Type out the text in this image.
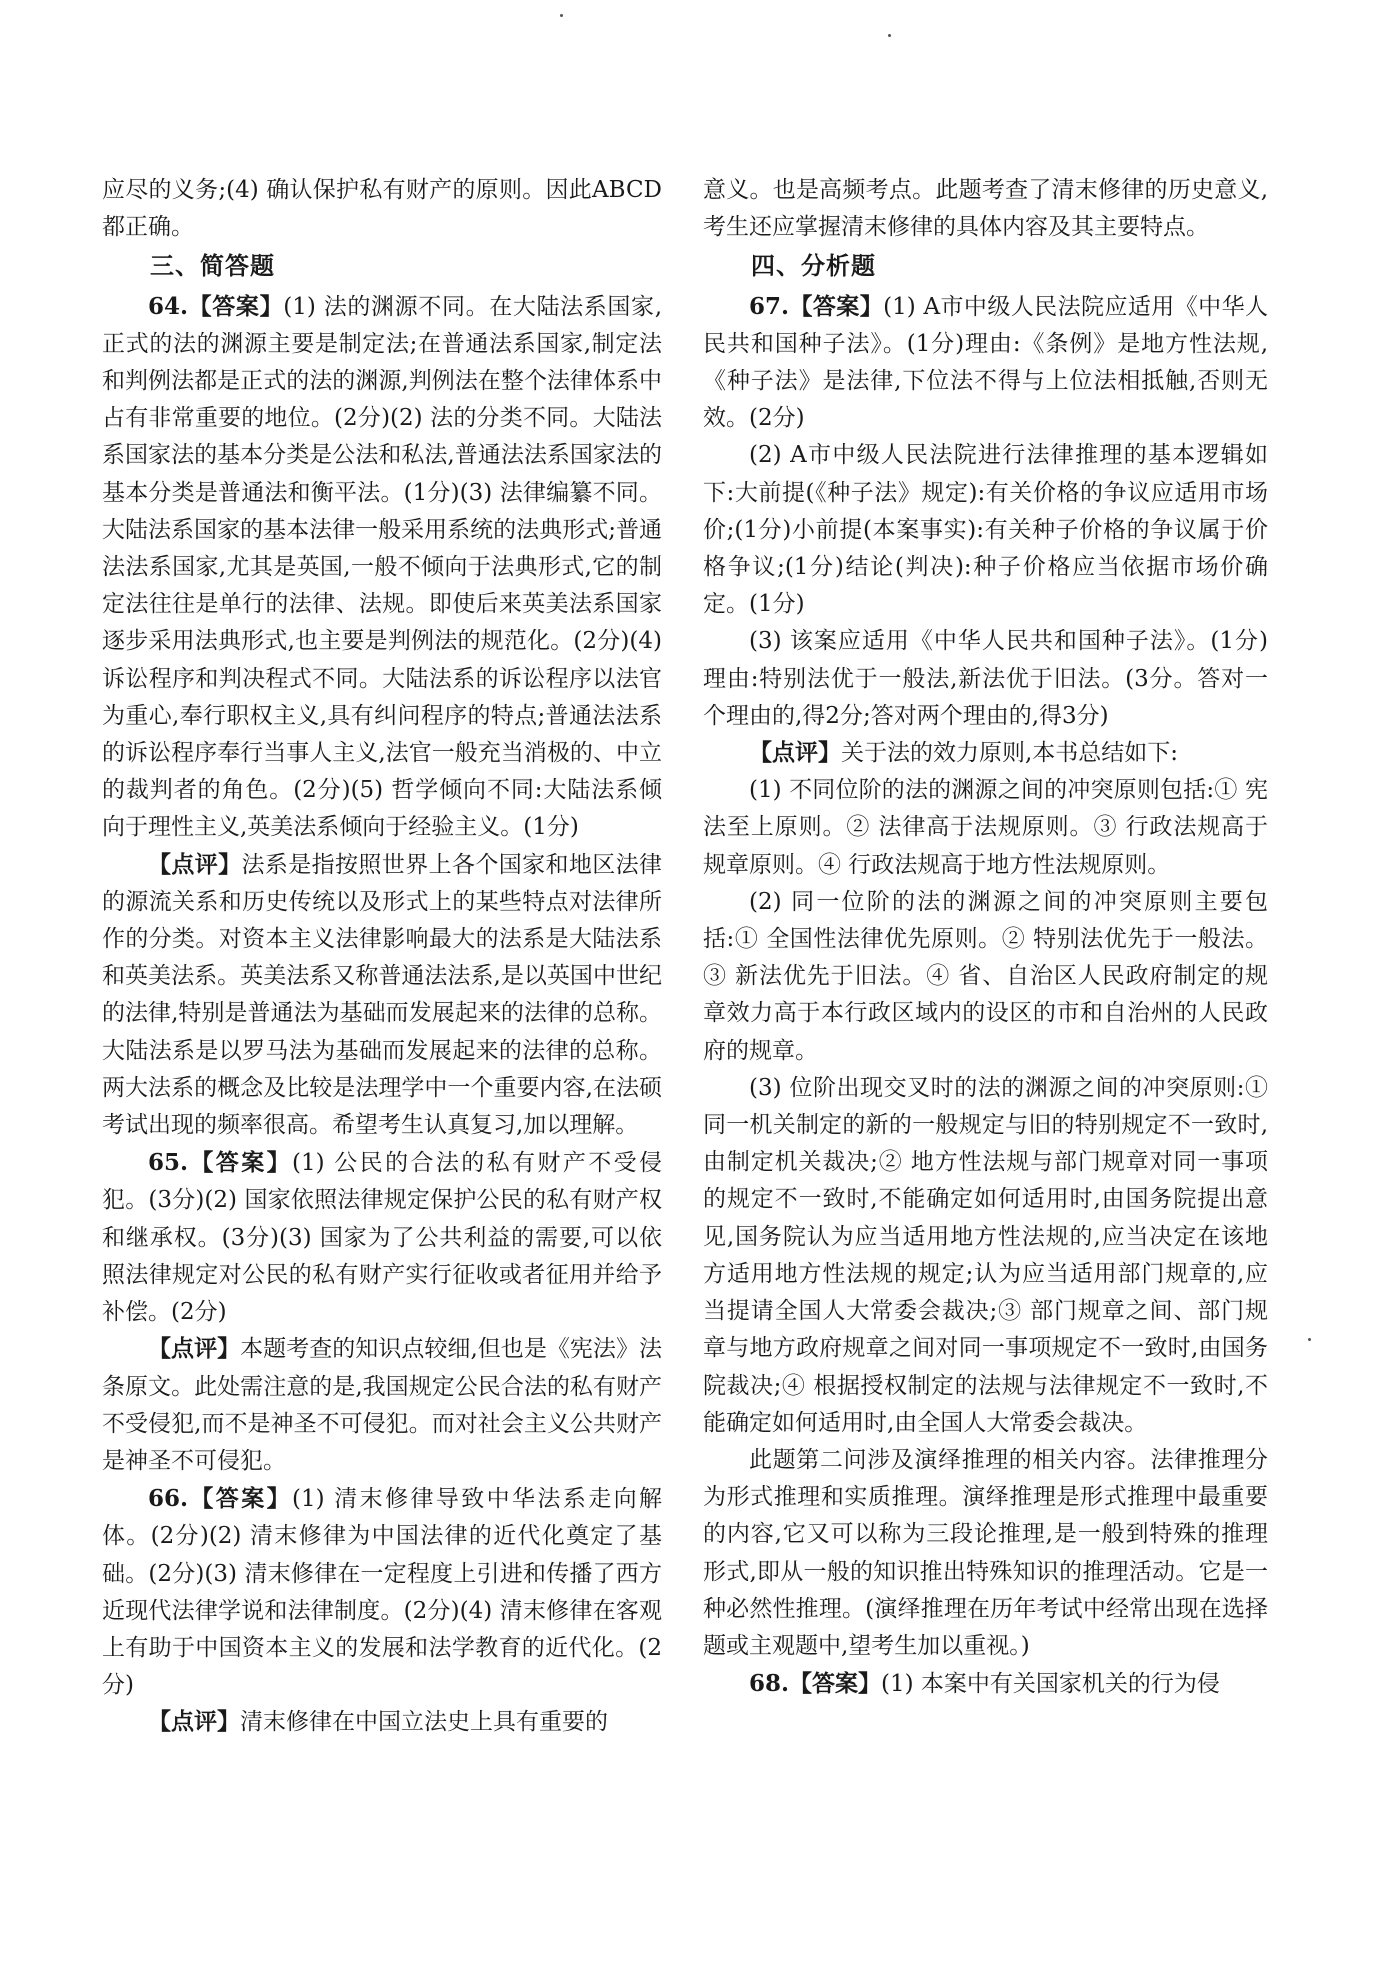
应尽的义务;(4) 确认保护私有财产的原则。因此ABCD都正确。

三、简答题

64.【答案】(1) 法的渊源不同。在大陆法系国家,正式的法的渊源主要是制定法;在普通法系国家,制定法和判例法都是正式的法的渊源,判例法在整个法律体系中占有非常重要的地位。(2分)(2) 法的分类不同。大陆法系国家法的基本分类是公法和私法,普通法法系国家法的基本分类是普通法和衡平法。(1分)(3) 法律编纂不同。大陆法系国家的基本法律一般采用系统的法典形式;普通法法系国家,尤其是英国,一般不倾向于法典形式,它的制定法往往是单行的法律、法规。即使后来英美法系国家逐步采用法典形式,也主要是判例法的规范化。(2分)(4) 诉讼程序和判决程式不同。大陆法系的诉讼程序以法官为重心,奉行职权主义,具有纠问程序的特点;普通法法系的诉讼程序奉行当事人主义,法官一般充当消极的、中立的裁判者的角色。(2分)(5) 哲学倾向不同:大陆法系倾向于理性主义,英美法系倾向于经验主义。(1分)

【点评】法系是指按照世界上各个国家和地区法律的源流关系和历史传统以及形式上的某些特点对法律所作的分类。对资本主义法律影响最大的法系是大陆法系和英美法系。英美法系又称普通法法系,是以英国中世纪的法律,特别是普通法为基础而发展起来的法律的总称。大陆法系是以罗马法为基础而发展起来的法律的总称。两大法系的概念及比较是法理学中一个重要内容,在法硕考试出现的频率很高。希望考生认真复习,加以理解。

65.【答案】(1) 公民的合法的私有财产不受侵犯。(3分)(2) 国家依照法律规定保护公民的私有财产权和继承权。(3分)(3) 国家为了公共利益的需要,可以依照法律规定对公民的私有财产实行征收或者征用并给予补偿。(2分)

【点评】本题考查的知识点较细,但也是《宪法》法条原文。此处需注意的是,我国规定公民合法的私有财产不受侵犯,而不是神圣不可侵犯。而对社会主义公共财产是神圣不可侵犯。

66.【答案】(1) 清末修律导致中华法系走向解体。(2分)(2) 清末修律为中国法律的近代化奠定了基础。(2分)(3) 清末修律在一定程度上引进和传播了西方近现代法律学说和法律制度。(2分)(4) 清末修律在客观上有助于中国资本主义的发展和法学教育的近代化。(2分)

【点评】清末修律在中国立法史上具有重要的

意义。也是高频考点。此题考查了清末修律的历史意义,考生还应掌握清末修律的具体内容及其主要特点。

四、分析题

67.【答案】(1) A市中级人民法院应适用《中华人民共和国种子法》。(1分)理由:《条例》是地方性法规,《种子法》是法律,下位法不得与上位法相抵触,否则无效。(2分)

(2) A市中级人民法院进行法律推理的基本逻辑如下:大前提(《种子法》规定):有关价格的争议应适用市场价;(1分)小前提(本案事实):有关种子价格的争议属于价格争议;(1分)结论(判决):种子价格应当依据市场价确定。(1分)

(3) 该案应适用《中华人民共和国种子法》。(1分)理由:特别法优于一般法,新法优于旧法。(3分。答对一个理由的,得2分;答对两个理由的,得3分)

【点评】关于法的效力原则,本书总结如下:

(1) 不同位阶的法的渊源之间的冲突原则包括:① 宪法至上原则。② 法律高于法规原则。③ 行政法规高于规章原则。④ 行政法规高于地方性法规原则。

(2) 同一位阶的法的渊源之间的冲突原则主要包括:① 全国性法律优先原则。② 特别法优先于一般法。③ 新法优先于旧法。④ 省、自治区人民政府制定的规章效力高于本行政区域内的设区的市和自治州的人民政府的规章。

(3) 位阶出现交叉时的法的渊源之间的冲突原则:① 同一机关制定的新的一般规定与旧的特别规定不一致时,由制定机关裁决;② 地方性法规与部门规章对同一事项的规定不一致时,不能确定如何适用时,由国务院提出意见,国务院认为应当适用地方性法规的,应当决定在该地方适用地方性法规的规定;认为应当适用部门规章的,应当提请全国人大常委会裁决;③ 部门规章之间、部门规章与地方政府规章之间对同一事项规定不一致时,由国务院裁决;④ 根据授权制定的法规与法律规定不一致时,不能确定如何适用时,由全国人大常委会裁决。

此题第二问涉及演绎推理的相关内容。法律推理分为形式推理和实质推理。演绎推理是形式推理中最重要的内容,它又可以称为三段论推理,是一般到特殊的推理形式,即从一般的知识推出特殊知识的推理活动。它是一种必然性推理。(演绎推理在历年考试中经常出现在选择题或主观题中,望考生加以重视。)

68.【答案】(1) 本案中有关国家机关的行为侵
